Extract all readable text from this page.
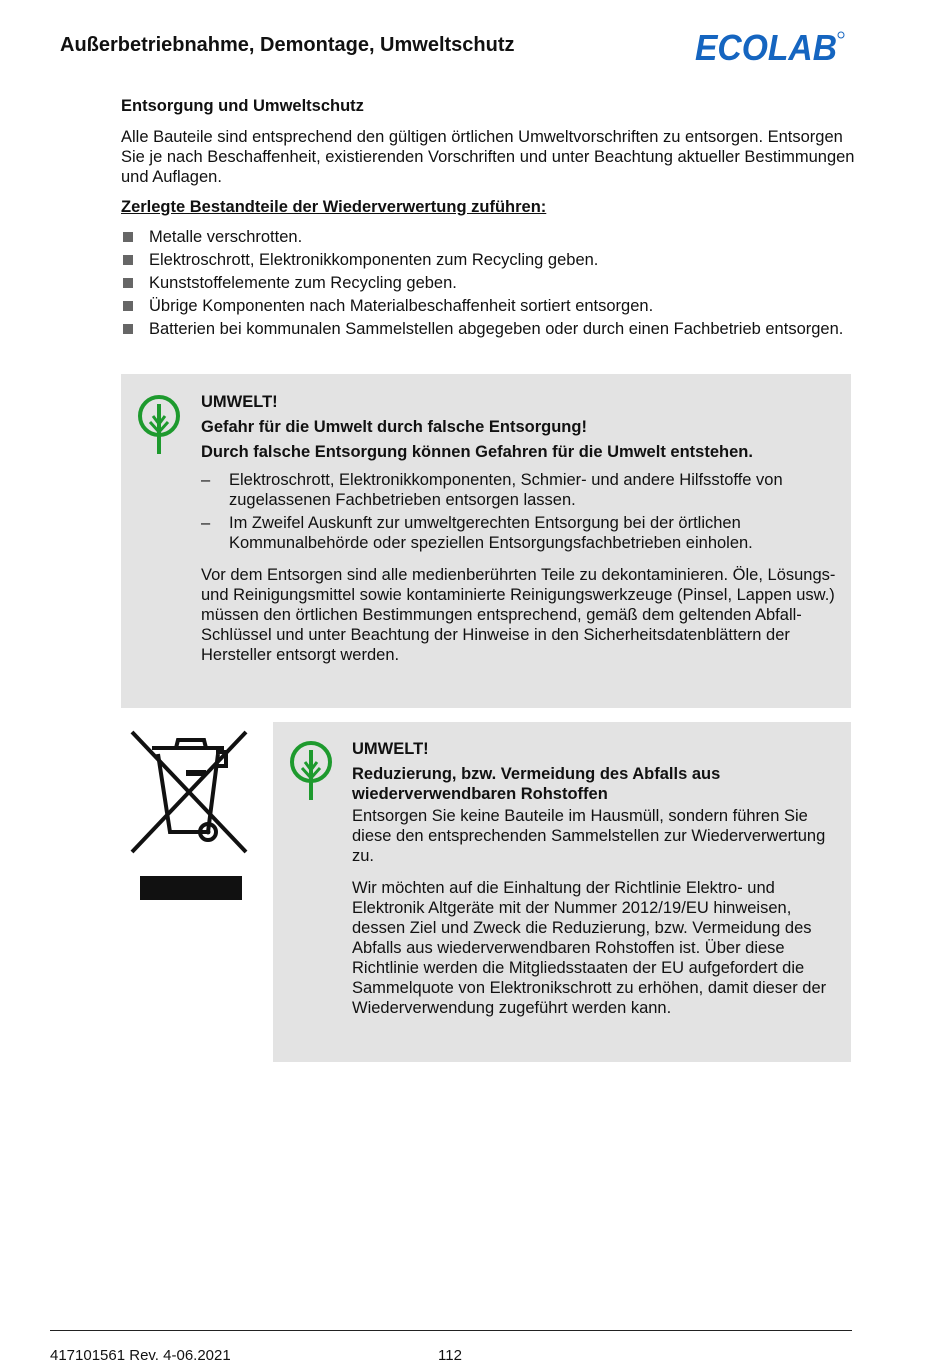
Außerbetriebnahme, Demontage, Umweltschutz	ECOLAB
Entsorgung und Umweltschutz

Alle Bauteile sind entsprechend den gültigen örtlichen Umweltvorschriften zu entsorgen. Entsorgen Sie je nach Beschaffenheit, existierenden Vorschriften und unter Beachtung aktueller Bestimmungen und Auflagen.

Zerlegte Bestandteile der Wiederverwertung zuführen:
Metalle verschrotten.
Elektroschrott, Elektronikkomponenten zum Recycling geben.
Kunststoffelemente zum Recycling geben.
Übrige Komponenten nach Materialbeschaffenheit sortiert entsorgen.
Batterien bei kommunalen Sammelstellen abgegeben oder durch einen Fachbetrieb entsorgen.
UMWELT!
Gefahr für die Umwelt durch falsche Entsorgung!
Durch falsche Entsorgung können Gefahren für die Umwelt entstehen.
– Elektroschrott, Elektronikkomponenten, Schmier- und andere Hilfsstoffe von zugelassenen Fachbetrieben entsorgen lassen.
– Im Zweifel Auskunft zur umweltgerechten Entsorgung bei der örtlichen Kommunalbehörde oder speziellen Entsorgungsfachbetrieben einholen.

Vor dem Entsorgen sind alle medienberührten Teile zu dekontaminieren. Öle, Lösungs- und Reinigungsmittel sowie kontaminierte Reinigungswerkzeuge (Pinsel, Lappen usw.) müssen den örtlichen Bestimmungen entsprechend, gemäß dem geltenden Abfall-Schlüssel und unter Beachtung der Hinweise in den Sicherheitsdatenblättern der Hersteller entsorgt werden.

UMWELT!
Reduzierung, bzw. Vermeidung des Abfalls aus wiederverwendbaren Rohstoffen

Entsorgen Sie keine Bauteile im Hausmüll, sondern führen Sie diese den entsprechenden Sammelstellen zur Wiederverwertung zu.

Wir möchten auf die Einhaltung der Richtlinie Elektro- und Elektronik Altgeräte mit der Nummer 2012/19/EU hinweisen, dessen Ziel und Zweck die Reduzierung, bzw. Vermeidung des Abfalls aus wiederverwendbaren Rohstoffen ist. Über diese Richtlinie werden die Mitgliedsstaaten der EU aufgefordert die Sammelquote von Elektronikschrott zu erhöhen, damit dieser der Wiederverwendung zugeführt werden kann.

417101561 Rev. 4-06.2021	112
